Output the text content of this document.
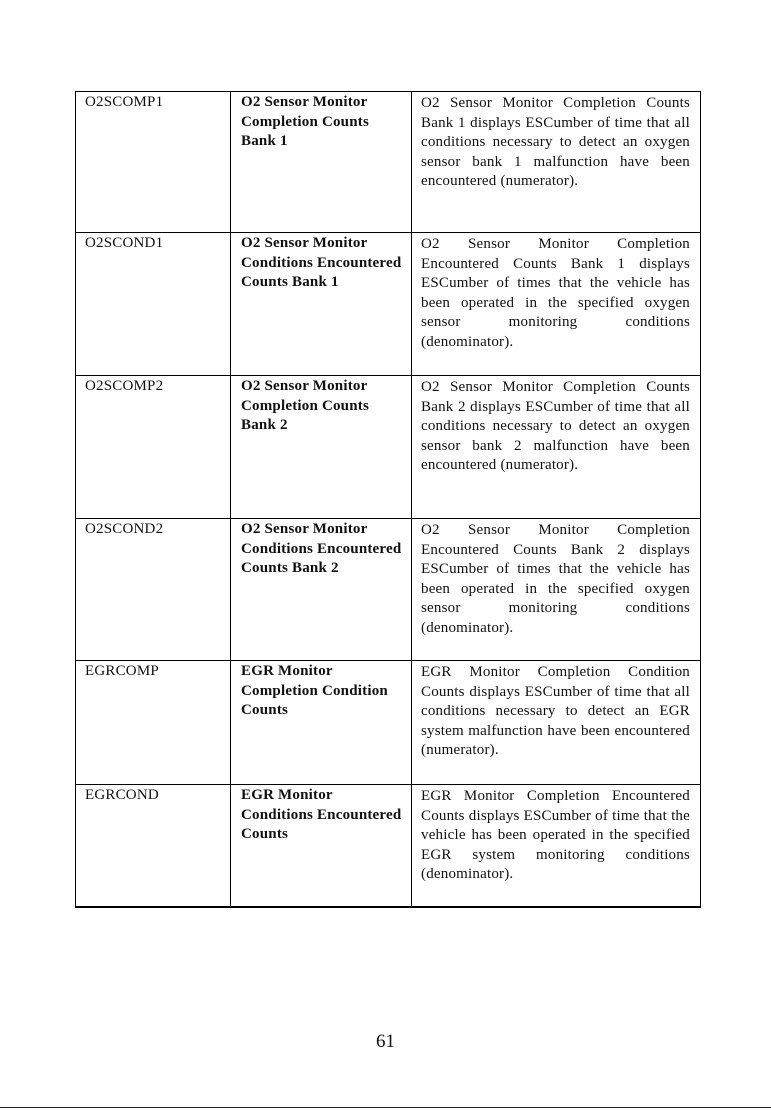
O2SCOMP1	O2 Sensor Monitor Completion Counts Bank 1	O2 Sensor Monitor Completion Counts Bank 1 displays ESCumber of time that all conditions necessary to detect an oxygen sensor bank 1 malfunction have been encountered (numerator).
O2SCOND1	O2 Sensor Monitor Conditions Encountered Counts Bank 1	O2 Sensor Monitor Completion Encountered Counts Bank 1 displays ESCumber of times that the vehicle has been operated in the specified oxygen sensor monitoring conditions (denominator).
O2SCOMP2	O2 Sensor Monitor Completion Counts Bank 2	O2 Sensor Monitor Completion Counts Bank 2 displays ESCumber of time that all conditions necessary to detect an oxygen sensor bank 2 malfunction have been encountered (numerator).
O2SCOND2	O2 Sensor Monitor Conditions Encountered Counts Bank 2	O2 Sensor Monitor Completion Encountered Counts Bank 2 displays ESCumber of times that the vehicle has been operated in the specified oxygen sensor monitoring conditions (denominator).
EGRCOMP	EGR Monitor Completion Condition Counts	EGR Monitor Completion Condition Counts displays ESCumber of time that all conditions necessary to detect an EGR system malfunction have been encountered (numerator).
EGRCOND	EGR Monitor Conditions Encountered Counts	EGR Monitor Completion Encountered Counts displays ESCumber of time that the vehicle has been operated in the specified EGR system monitoring conditions (denominator).
61
